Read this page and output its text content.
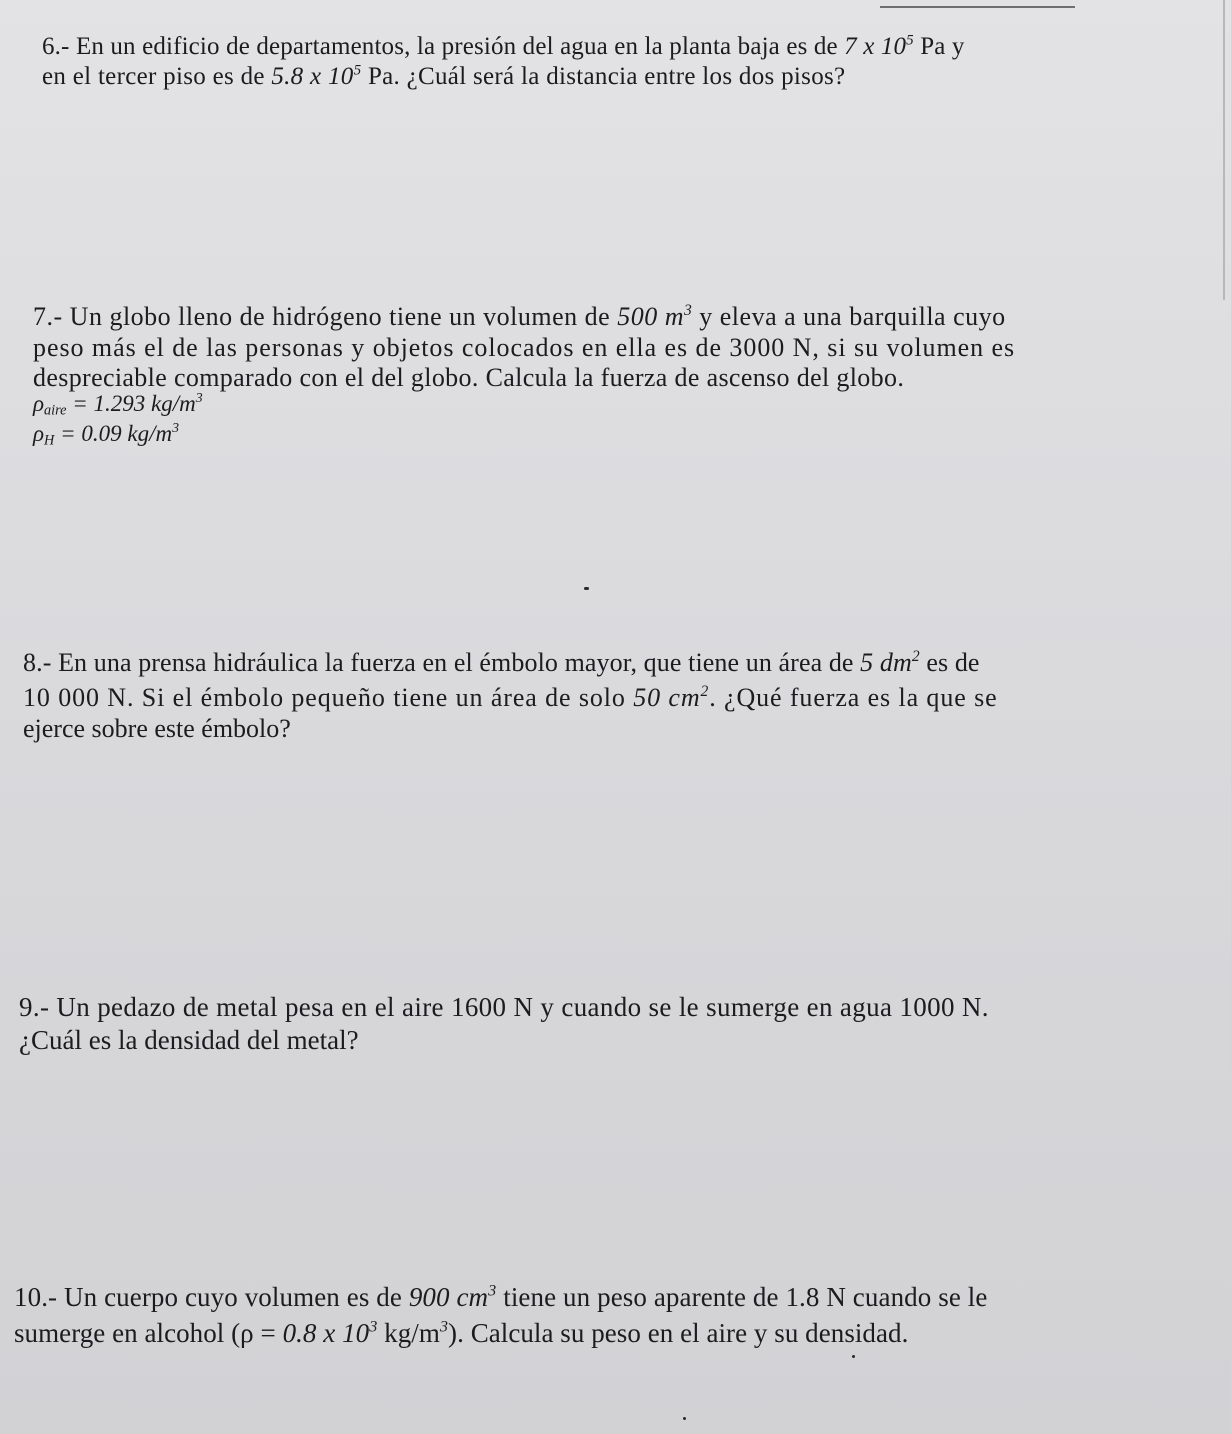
6.- En un edificio de departamentos, la presión del agua en la planta baja es de 7 x $10^5$ Pa y
en el tercer piso es de 5.8 x $10^5$ Pa. ¿Cuál será la distancia entre los dos pisos?
7.- Un globo lleno de hidrógeno tiene un volumen de 500 $m^3$ y eleva a una barquilla cuyo
peso más el de las personas y objetos colocados en ella es de 3000 N, si su volumen es
despreciable comparado con el del globo. Calcula la fuerza de ascenso del globo.
$\rho_{aire} = 1.293$ $kg/m^3$
$\rho_H = 0.09$ $kg/m^3$
8.- En una prensa hidráulica la fuerza en el émbolo mayor, que tiene un área de 5 $dm^2$ es de
10 000 N. Si el émbolo pequeño tiene un área de solo 50 $cm^2$. ¿Qué fuerza es la que se
ejerce sobre este émbolo?
9.- Un pedazo de metal pesa en el aire 1600 N y cuando se le sumerge en agua 1000 N.
¿Cuál es la densidad del metal?
10.- Un cuerpo cuyo volumen es de 900 $cm^3$ tiene un peso aparente de 1.8 N cuando se le
sumerge en alcohol (ρ = 0.8 x $10^3$ $kg/m^3$). Calcula su peso en el aire y su densidad.
